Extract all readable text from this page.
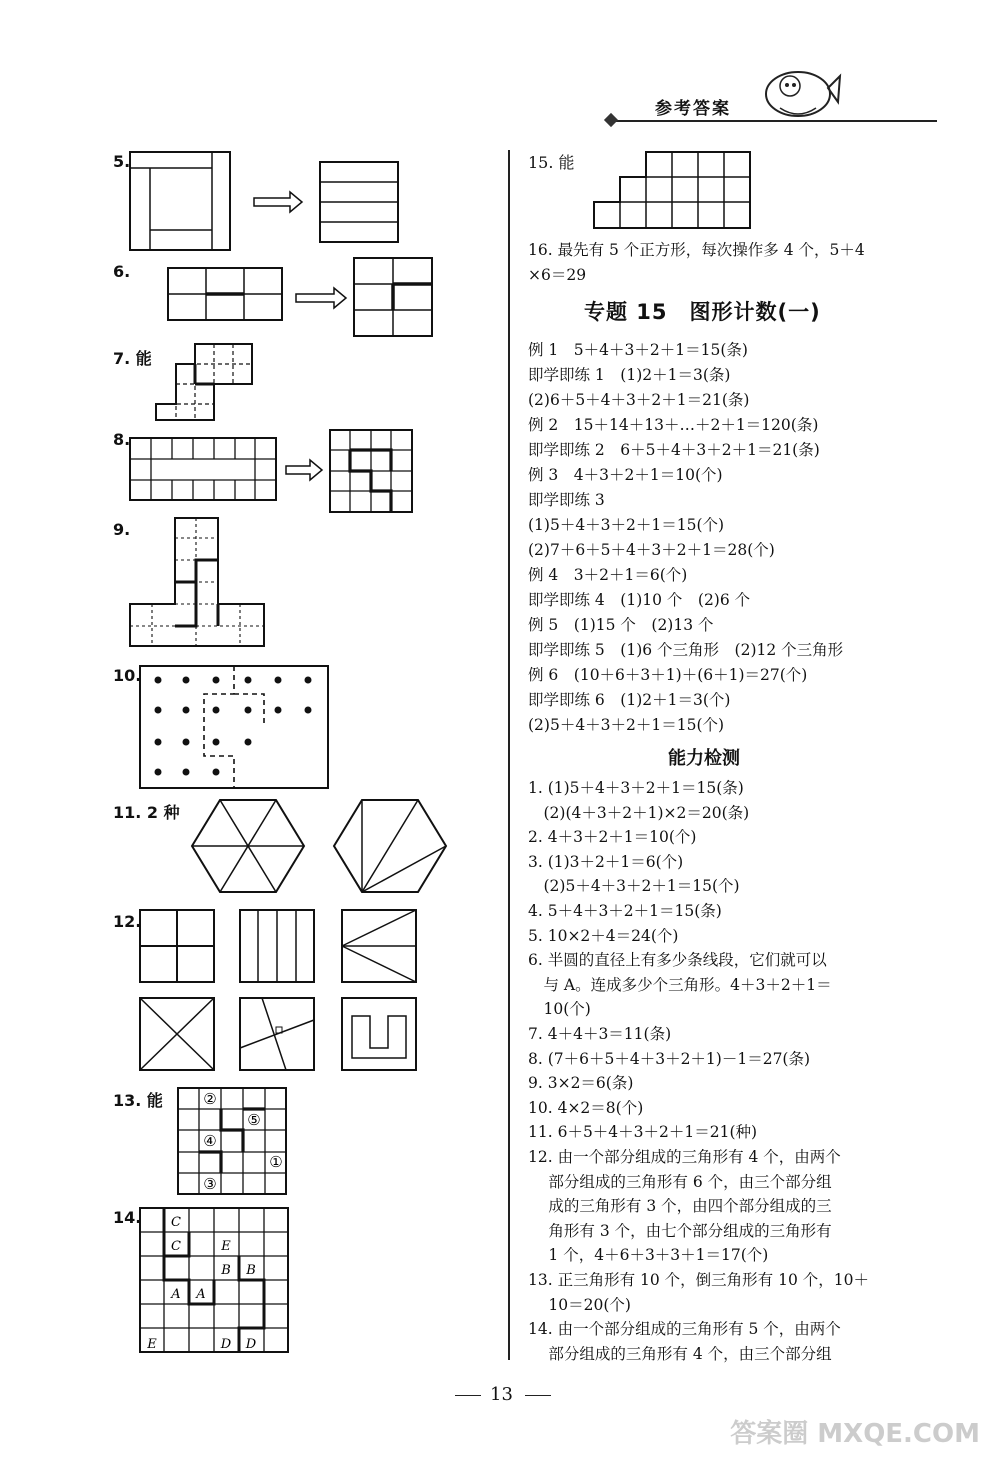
参考答案
5.
6.
7. 能
8.
9.
10.
11. 2 种
12.
13. 能	②
⑤
④
①
③
14. C
C	E
B B
A A
E	D D
15. 能
16. 最先有 5 个正方形，每次操作多 4 个，5＋4
×6＝29
专题 15　图形计数(一)
例 1　5＋4＋3＋2＋1＝15(条)
即学即练 1　(1)2＋1＝3(条)
(2)6＋5＋4＋3＋2＋1＝21(条)
例 2　15＋14＋13＋…＋2＋1＝120(条)
即学即练 2　6＋5＋4＋3＋2＋1＝21(条)
例 3　4＋3＋2＋1＝10(个)
即学即练 3
(1)5＋4＋3＋2＋1＝15(个)
(2)7＋6＋5＋4＋3＋2＋1＝28(个)
例 4　3＋2＋1＝6(个)
即学即练 4　(1)10 个　(2)6 个
例 5　(1)15 个　(2)13 个
即学即练 5　(1)6 个三角形　(2)12 个三角形
例 6　(10＋6＋3＋1)＋(6＋1)＝27(个)
即学即练 6　(1)2＋1＝3(个)
(2)5＋4＋3＋2＋1＝15(个)
能力检测
1. (1)5＋4＋3＋2＋1＝15(条)
　(2)(4＋3＋2＋1)×2＝20(条)
2. 4＋3＋2＋1＝10(个)
3. (1)3＋2＋1＝6(个)
　(2)5＋4＋3＋2＋1＝15(个)
4. 5＋4＋3＋2＋1＝15(条)
5. 10×2＋4＝24(个)
6. 半圆的直径上有多少条线段，它们就可以
　与 A。连成多少个三角形。4＋3＋2＋1＝
　10(个)
7. 4＋4＋3＝11(条)
8. (7＋6＋5＋4＋3＋2＋1)－1＝27(条)
9. 3×2＝6(条)
10. 4×2＝8(个)
11. 6＋5＋4＋3＋2＋1＝21(种)
12. 由一个部分组成的三角形有 4 个，由两个
　 部分组成的三角形有 6 个，由三个部分组
　 成的三角形有 3 个，由四个部分组成的三
　 角形有 3 个，由七个部分组成的三角形有
　 1 个，4＋6＋3＋3＋1＝17(个)
13. 正三角形有 10 个，倒三角形有 10 个，10＋
　 10＝20(个)
14. 由一个部分组成的三角形有 5 个，由两个
　 部分组成的三角形有 4 个，由三个部分组
13
答案圈 MXQE.COM
